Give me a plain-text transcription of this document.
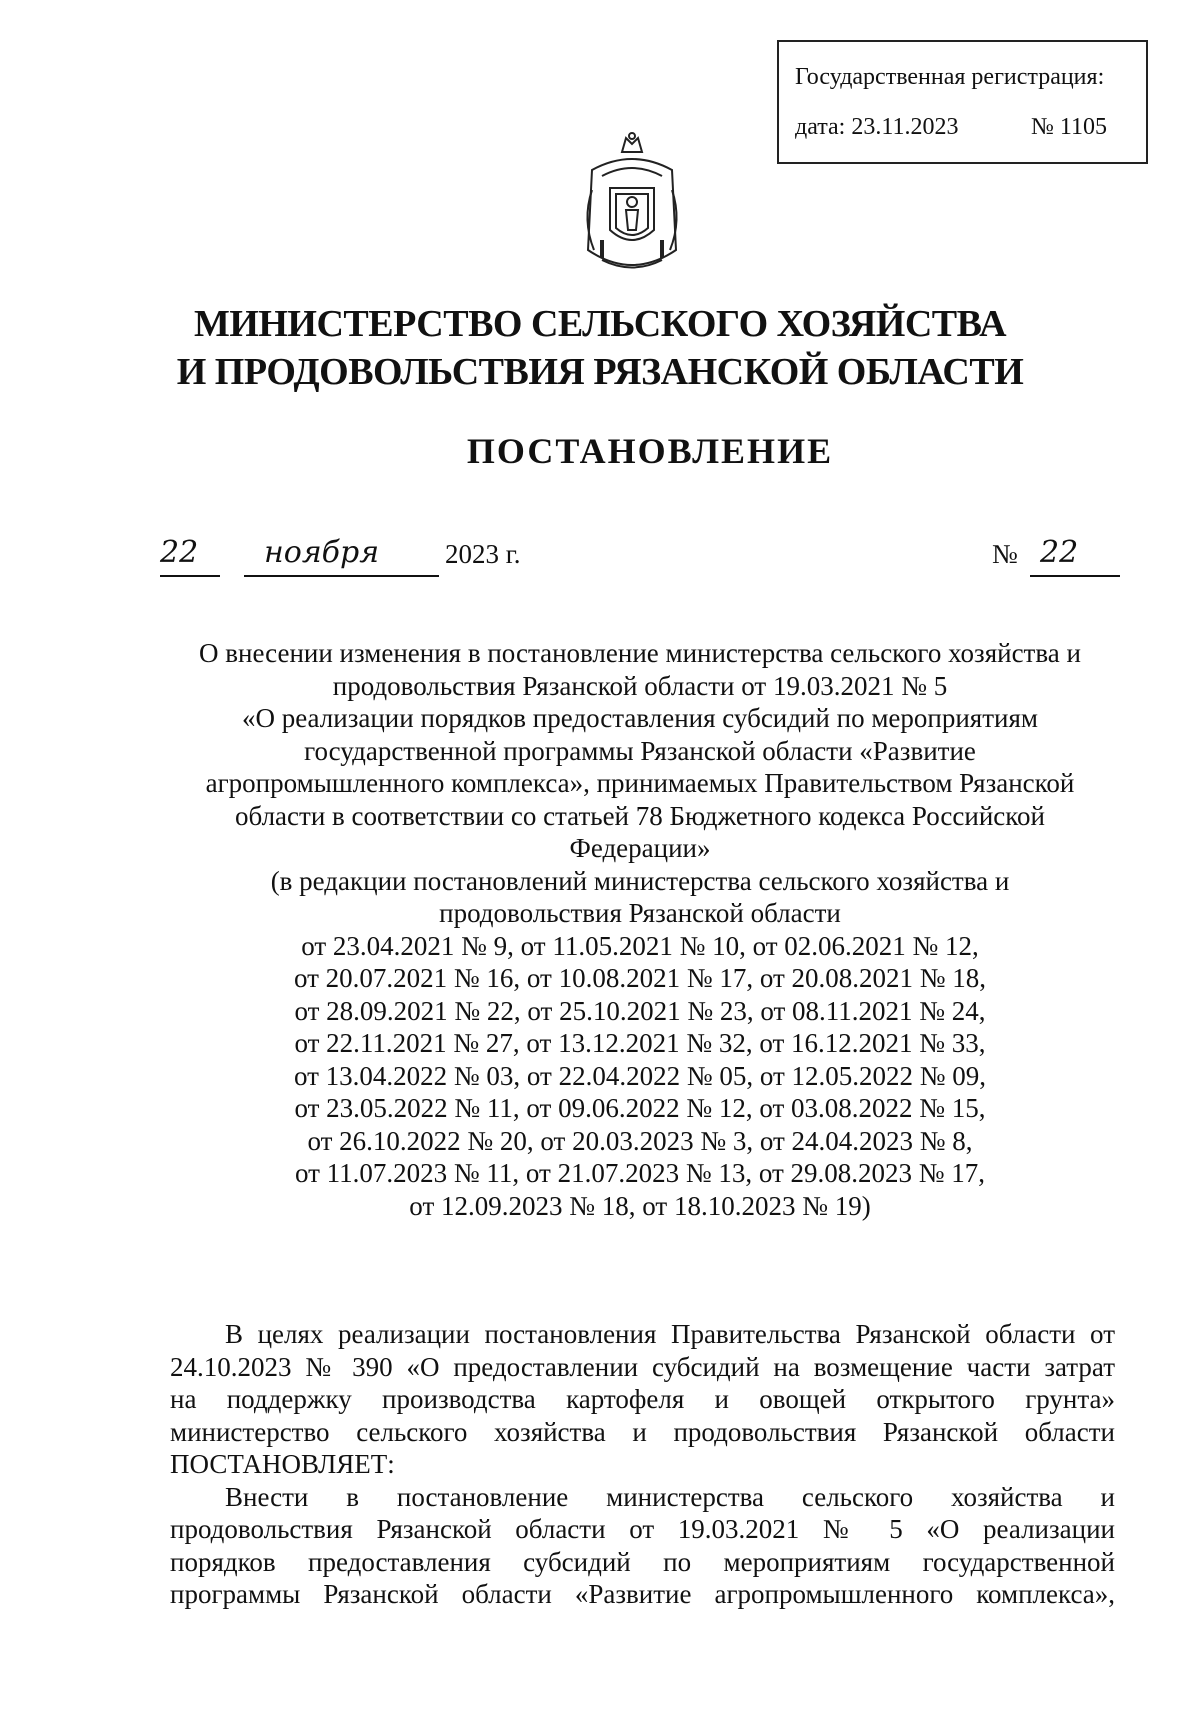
Государственная регистрация:
дата: 23.11.2023	№ 1105
МИНИСТЕРСТВО СЕЛЬСКОГО ХОЗЯЙСТВА
И ПРОДОВОЛЬСТВИЯ РЯЗАНСКОЙ ОБЛАСТИ
ПОСТАНОВЛЕНИЕ
22 ноября 2023 г.	№ 22
О внесении изменения в постановление министерства сельского хозяйства и
продовольствия Рязанской области от 19.03.2021 № 5
«О реализации порядков предоставления субсидий по мероприятиям
государственной программы Рязанской области «Развитие
агропромышленного комплекса», принимаемых Правительством Рязанской
области в соответствии со статьей 78 Бюджетного кодекса Российской
Федерации»
(в редакции постановлений министерства сельского хозяйства и
продовольствия Рязанской области
от 23.04.2021 № 9, от 11.05.2021 № 10, от 02.06.2021 № 12,
от 20.07.2021 № 16, от 10.08.2021 № 17, от 20.08.2021 № 18,
от 28.09.2021 № 22, от 25.10.2021 № 23, от 08.11.2021 № 24,
от 22.11.2021 № 27, от 13.12.2021 № 32, от 16.12.2021 № 33,
от 13.04.2022 № 03, от 22.04.2022 № 05, от 12.05.2022 № 09,
от 23.05.2022 № 11, от 09.06.2022 № 12, от 03.08.2022 № 15,
от 26.10.2022 № 20, от 20.03.2023 № 3, от 24.04.2023 № 8,
от 11.07.2023 № 11, от 21.07.2023 № 13, от 29.08.2023 № 17,
от 12.09.2023 № 18, от 18.10.2023 № 19)
В целях реализации постановления Правительства Рязанской области от
24.10.2023 № 390 «О предоставлении субсидий на возмещение части затрат
на поддержку производства картофеля и овощей открытого грунта»
министерство сельского хозяйства и продовольствия Рязанской области
ПОСТАНОВЛЯЕТ:
Внести в постановление министерства сельского хозяйства и
продовольствия Рязанской области от 19.03.2021 № 5 «О реализации
порядков предоставления субсидий по мероприятиям государственной
программы Рязанской области «Развитие агропромышленного комплекса»,
